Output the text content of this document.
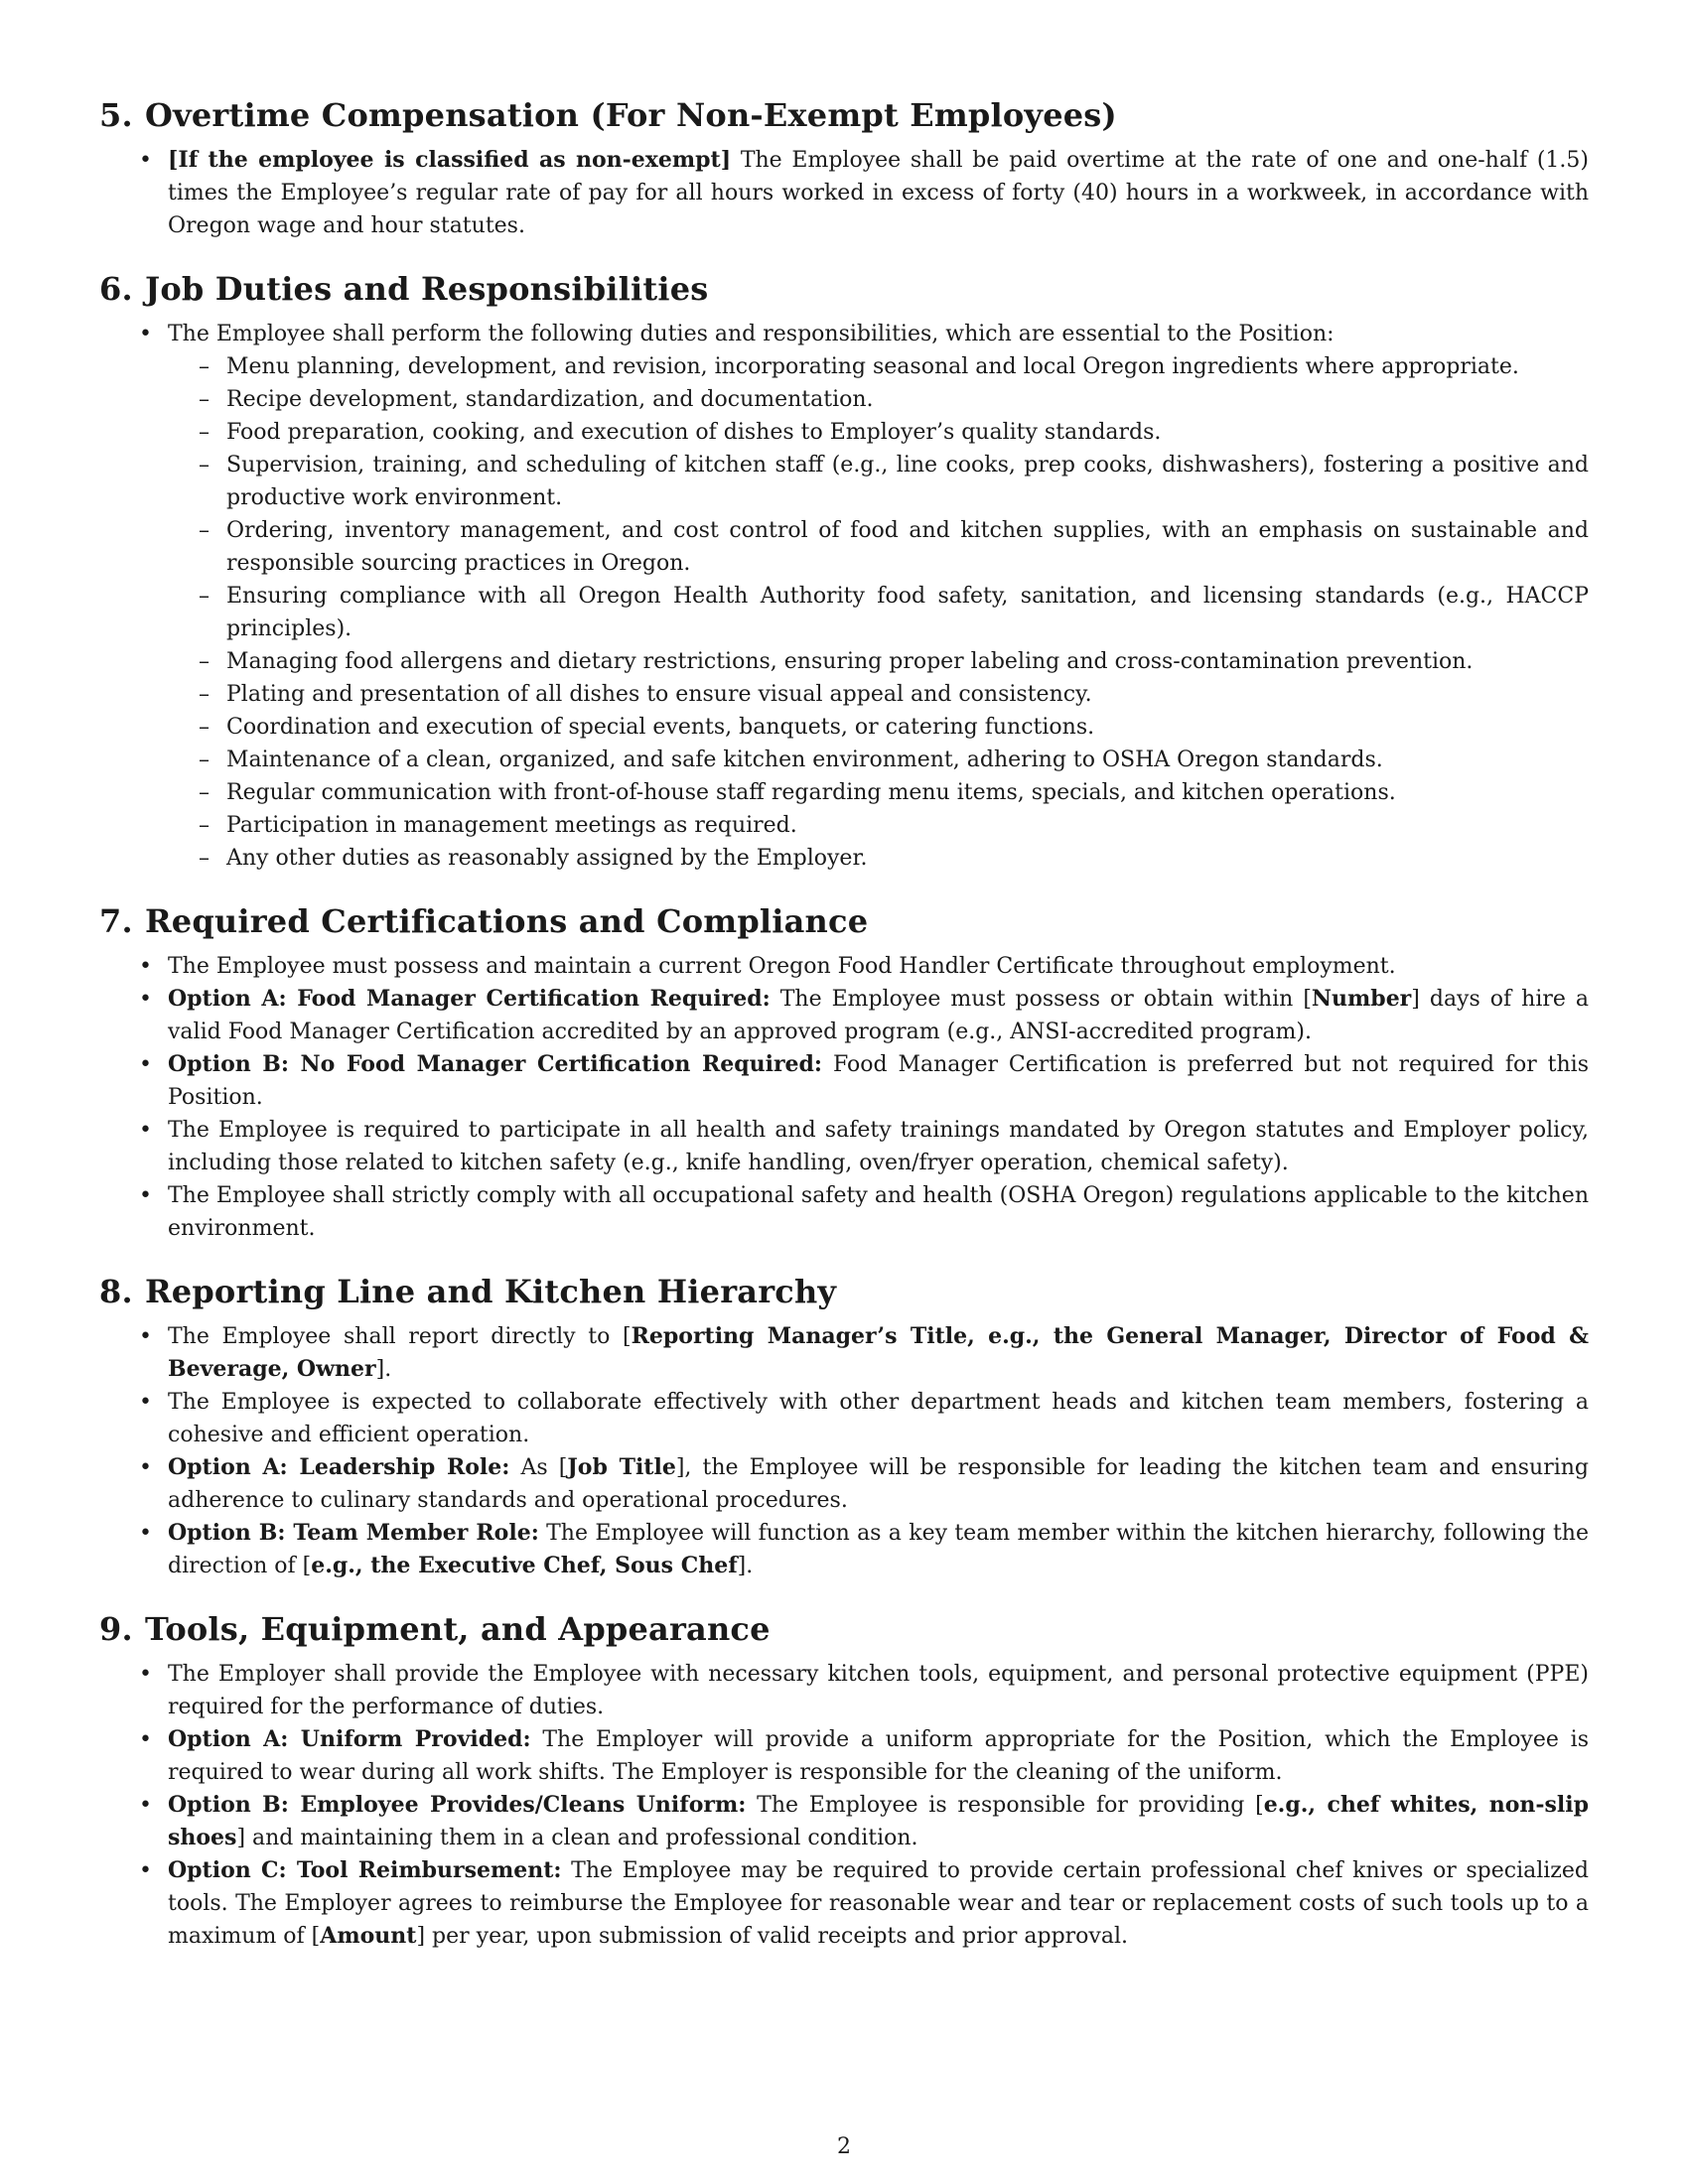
5. Overtime Compensation (For Non-Exempt Employees)
• [If the employee is classified as non-exempt] The Employee shall be paid overtime at the rate of one and one-half (1.5) times the Employee’s regular rate of pay for all hours worked in excess of forty (40) hours in a workweek, in accordance with Oregon wage and hour statutes.
6. Job Duties and Responsibilities
• The Employee shall perform the following duties and responsibilities, which are essential to the Position:
– Menu planning, development, and revision, incorporating seasonal and local Oregon ingredients where appropriate.
– Recipe development, standardization, and documentation.
– Food preparation, cooking, and execution of dishes to Employer’s quality standards.
– Supervision, training, and scheduling of kitchen staff (e.g., line cooks, prep cooks, dishwashers), fostering a positive and productive work environment.
– Ordering, inventory management, and cost control of food and kitchen supplies, with an emphasis on sustainable and responsible sourcing practices in Oregon.
– Ensuring compliance with all Oregon Health Authority food safety, sanitation, and licensing standards (e.g., HACCP principles).
– Managing food allergens and dietary restrictions, ensuring proper labeling and cross-contamination prevention.
– Plating and presentation of all dishes to ensure visual appeal and consistency.
– Coordination and execution of special events, banquets, or catering functions.
– Maintenance of a clean, organized, and safe kitchen environment, adhering to OSHA Oregon standards.
– Regular communication with front-of-house staff regarding menu items, specials, and kitchen operations.
– Participation in management meetings as required.
– Any other duties as reasonably assigned by the Employer.
7. Required Certifications and Compliance
• The Employee must possess and maintain a current Oregon Food Handler Certificate throughout employment.
• Option A: Food Manager Certification Required: The Employee must possess or obtain within [Number] days of hire a valid Food Manager Certification accredited by an approved program (e.g., ANSI-accredited program).
• Option B: No Food Manager Certification Required: Food Manager Certification is preferred but not required for this Position.
• The Employee is required to participate in all health and safety trainings mandated by Oregon statutes and Employer policy, including those related to kitchen safety (e.g., knife handling, oven/fryer operation, chemical safety).
• The Employee shall strictly comply with all occupational safety and health (OSHA Oregon) regulations applicable to the kitchen environment.
8. Reporting Line and Kitchen Hierarchy
• The Employee shall report directly to [Reporting Manager’s Title, e.g., the General Manager, Director of Food & Beverage, Owner].
• The Employee is expected to collaborate effectively with other department heads and kitchen team members, fostering a cohesive and efficient operation.
• Option A: Leadership Role: As [Job Title], the Employee will be responsible for leading the kitchen team and ensuring adherence to culinary standards and operational procedures.
• Option B: Team Member Role: The Employee will function as a key team member within the kitchen hierarchy, following the direction of [e.g., the Executive Chef, Sous Chef].
9. Tools, Equipment, and Appearance
• The Employer shall provide the Employee with necessary kitchen tools, equipment, and personal protective equipment (PPE) required for the performance of duties.
• Option A: Uniform Provided: The Employer will provide a uniform appropriate for the Position, which the Employee is required to wear during all work shifts. The Employer is responsible for the cleaning of the uniform.
• Option B: Employee Provides/Cleans Uniform: The Employee is responsible for providing [e.g., chef whites, non-slip shoes] and maintaining them in a clean and professional condition.
• Option C: Tool Reimbursement: The Employee may be required to provide certain professional chef knives or specialized tools. The Employer agrees to reimburse the Employee for reasonable wear and tear or replacement costs of such tools up to a maximum of [Amount] per year, upon submission of valid receipts and prior approval.
2
